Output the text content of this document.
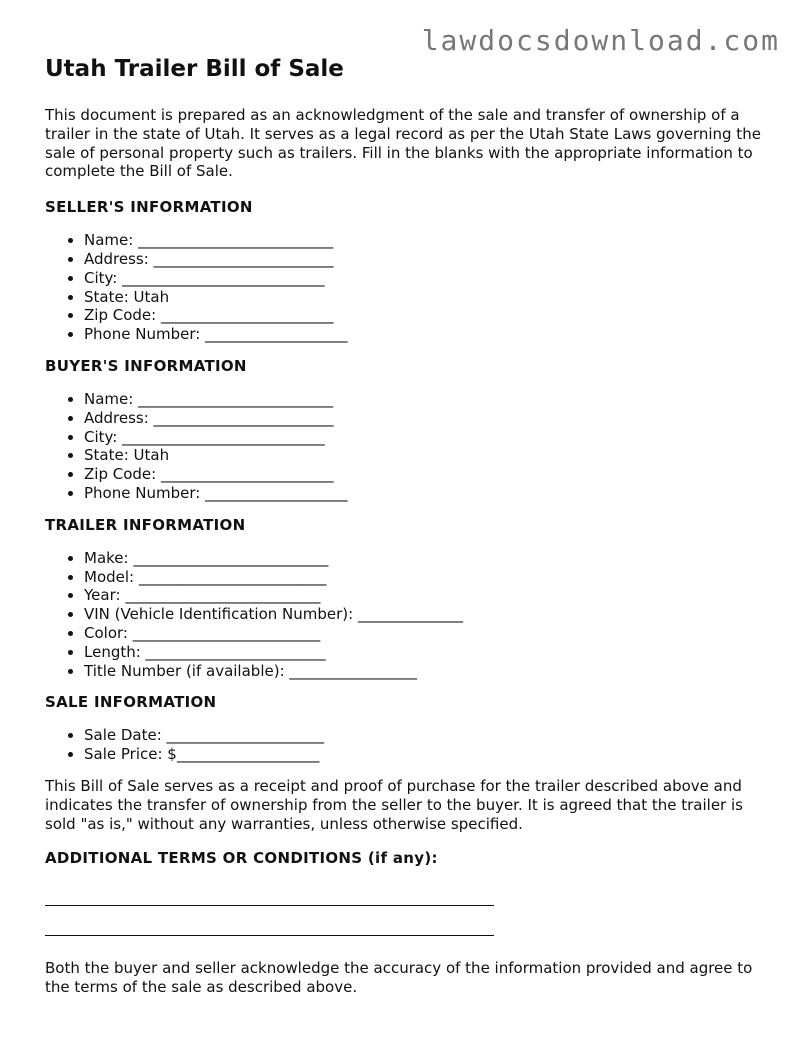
lawdocsdownload.com
Utah Trailer Bill of Sale

This document is prepared as an acknowledgment of the sale and transfer of ownership of a trailer in the state of Utah. It serves as a legal record as per the Utah State Laws governing the sale of personal property such as trailers. Fill in the blanks with the appropriate information to complete the Bill of Sale.

SELLER'S INFORMATION
• Name: __________________________
• Address: ________________________
• City: ___________________________
• State: Utah
• Zip Code: _______________________
• Phone Number: ___________________
BUYER'S INFORMATION
• Name: __________________________
• Address: ________________________
• City: ___________________________
• State: Utah
• Zip Code: _______________________
• Phone Number: ___________________
TRAILER INFORMATION
• Make: __________________________
• Model: _________________________
• Year: __________________________
• VIN (Vehicle Identification Number): ______________
• Color: _________________________
• Length: ________________________
• Title Number (if available): _________________
SALE INFORMATION
• Sale Date: _____________________
• Sale Price: $___________________

This Bill of Sale serves as a receipt and proof of purchase for the trailer described above and indicates the transfer of ownership from the seller to the buyer. It is agreed that the trailer is sold "as is," without any warranties, unless otherwise specified.

ADDITIONAL TERMS OR CONDITIONS (if any):

Both the buyer and seller acknowledge the accuracy of the information provided and agree to the terms of the sale as described above.
